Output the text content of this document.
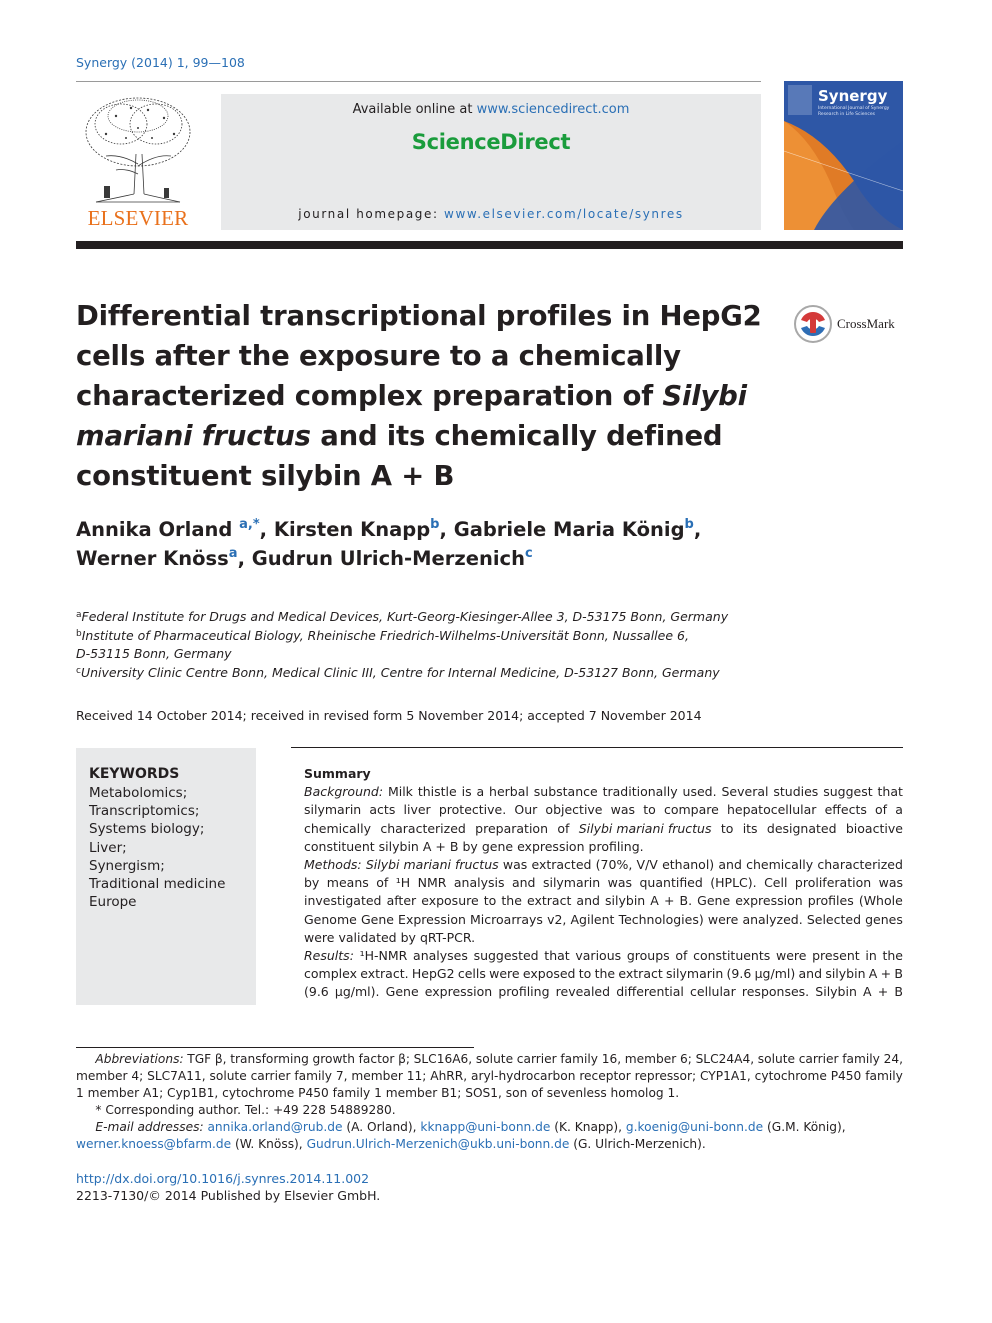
Synergy (2014) 1, 99—108
ELSEVIER
Available online at www.sciencedirect.com
ScienceDirect
journal homepage: www.elsevier.com/locate/synres
Synergy
International Journal of Synergy Research in Life Sciences
Differential transcriptional profiles in HepG2 cells after the exposure to a chemically characterized complex preparation of Silybi mariani fructus and its chemically defined constituent silybin A + B
CrossMark
Annika Orland $^{a,*}$, Kirsten Knapp$^b$, Gabriele Maria König$^b$,
Werner Knöss$^a$, Gudrun Ulrich-Merzenich$^c$
$^a$Federal Institute for Drugs and Medical Devices, Kurt-Georg-Kiesinger-Allee 3, D-53175 Bonn, Germany
$^b$Institute of Pharmaceutical Biology, Rheinische Friedrich-Wilhelms-Universität Bonn, Nussallee 6,
D-53115 Bonn, Germany
$^c$University Clinic Centre Bonn, Medical Clinic III, Centre for Internal Medicine, D-53127 Bonn, Germany
Received 14 October 2014; received in revised form 5 November 2014; accepted 7 November 2014
KEYWORDS
Metabolomics;
Transcriptomics;
Systems biology;
Liver;
Synergism;
Traditional medicine
Europe
Summary
Background: Milk thistle is a herbal substance traditionally used. Several studies suggest that
silymarin acts liver protective. Our objective was to compare hepatocellular effects of a
chemically characterized preparation of Silybi mariani fructus to its designated bioactive
constituent silybin A + B by gene expression profiling.
Methods: Silybi mariani fructus was extracted (70%, V/V ethanol) and chemically characterized
by means of ¹H NMR analysis and silymarin was quantified (HPLC). Cell proliferation was
investigated after exposure to the extract and silybin A + B. Gene expression profiles (Whole
Genome Gene Expression Microarrays v2, Agilent Technologies) were analyzed. Selected genes
were validated by qRT-PCR.
Results: ¹H-NMR analyses suggested that various groups of constituents were present in the
complex extract. HepG2 cells were exposed to the extract silymarin (9.6 μg/ml) and silybin A + B
(9.6 μg/ml). Gene expression profiling revealed differential cellular responses. Silybin A + B
Abbreviations: TGF β, transforming growth factor β; SLC16A6, solute carrier family 16, member 6; SLC24A4, solute carrier family 24,
member 4; SLC7A11, solute carrier family 7, member 11; AhRR, aryl-hydrocarbon receptor repressor; CYP1A1, cytochrome P450 family
1 member A1; Cyp1B1, cytochrome P450 family 1 member B1; SOS1, son of sevenless homolog 1.
* Corresponding author. Tel.: +49 228 54889280.
E-mail addresses: annika.orland@rub.de (A. Orland), kknapp@uni-bonn.de (K. Knapp), g.koenig@uni-bonn.de (G.M. König),
werner.knoess@bfarm.de (W. Knöss), Gudrun.Ulrich-Merzenich@ukb.uni-bonn.de (G. Ulrich-Merzenich).
http://dx.doi.org/10.1016/j.synres.2014.11.002
2213-7130/© 2014 Published by Elsevier GmbH.
